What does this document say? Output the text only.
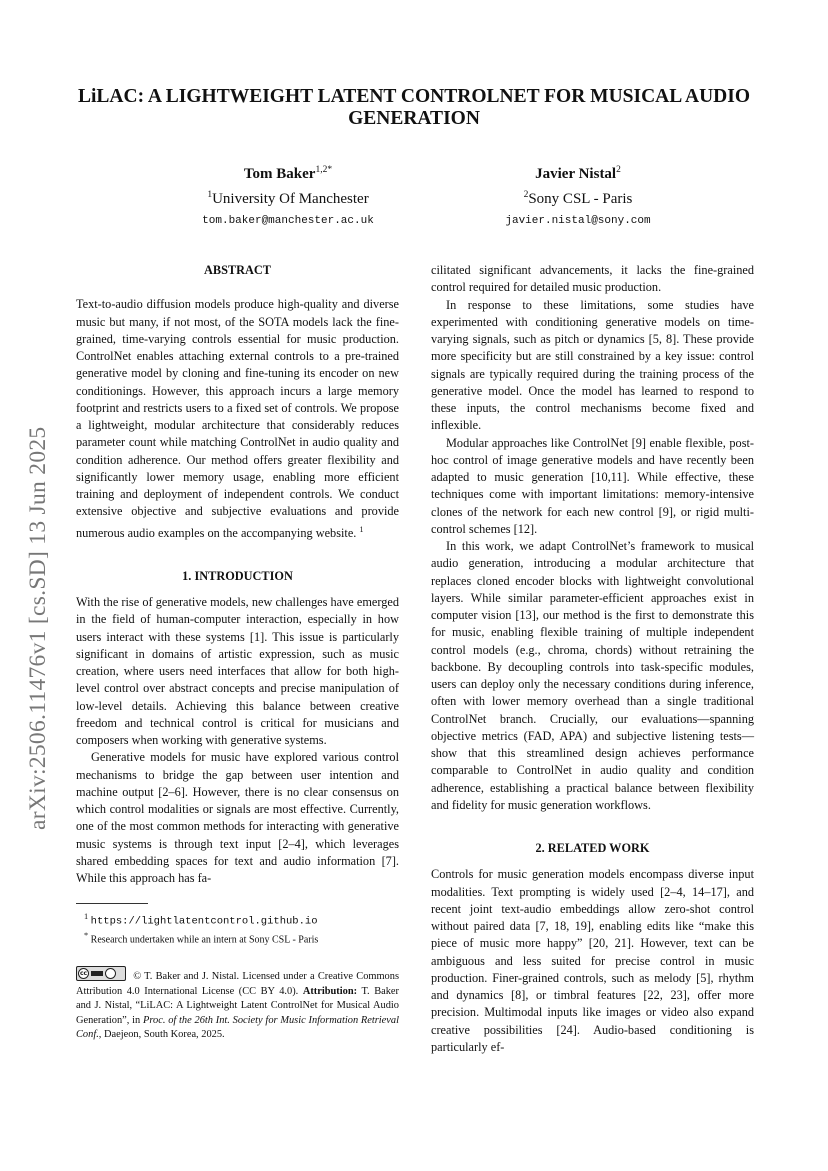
arXiv:2506.11476v1 [cs.SD] 13 Jun 2025
LiLAC: A LIGHTWEIGHT LATENT CONTROLNET FOR MUSICAL AUDIO GENERATION
Tom Baker$^{1,2*}$
$^1$University Of Manchester
tom.baker@manchester.ac.uk
Javier Nistal$^2$
$^2$Sony CSL - Paris
javier.nistal@sony.com
ABSTRACT

Text-to-audio diffusion models produce high-quality and diverse music but many, if not most, of the SOTA models lack the fine-grained, time-varying controls essential for music production. ControlNet enables attaching external controls to a pre-trained generative model by cloning and fine-tuning its encoder on new conditionings. However, this approach incurs a large memory footprint and restricts users to a fixed set of controls. We propose a lightweight, modular architecture that considerably reduces parameter count while matching ControlNet in audio quality and condition adherence. Our method offers greater flexibility and significantly lower memory usage, enabling more efficient training and deployment of independent controls. We conduct extensive objective and subjective evaluations and provide numerous audio examples on the accompanying website. $^1$

1. INTRODUCTION

With the rise of generative models, new challenges have emerged in the field of human-computer interaction, especially in how users interact with these systems [1]. This issue is particularly significant in domains of artistic expression, such as music creation, where users need interfaces that allow for both high-level control over abstract concepts and precise manipulation of low-level details. Achieving this balance between creative freedom and technical control is critical for musicians and composers when working with generative systems.

Generative models for music have explored various control mechanisms to bridge the gap between user intention and machine output [2–6]. However, there is no clear consensus on which control modalities or signals are most effective. Currently, one of the most common methods for interacting with generative music systems is through text input [2–4], which leverages shared embedding spaces for text and audio information [7]. While this approach has fa-

$^1$ https://lightlatentcontrol.github.io
* Research undertaken while an intern at Sony CSL - Paris
cc	© T. Baker and J. Nistal. Licensed under a Creative Commons Attribution 4.0 International License (CC BY 4.0). Attribution: T. Baker and J. Nistal, “LiLAC: A Lightweight Latent ControlNet for Musical Audio Generation”, in Proc. of the 26th Int. Society for Music Information Retrieval Conf., Daejeon, South Korea, 2025.

cilitated significant advancements, it lacks the fine-grained control required for detailed music production.

In response to these limitations, some studies have experimented with conditioning generative models on time-varying signals, such as pitch or dynamics [5, 8]. These provide more specificity but are still constrained by a key issue: control signals are typically required during the training process of the generative model. Once the model has learned to respond to these inputs, the control mechanisms become fixed and inflexible.

Modular approaches like ControlNet [9] enable flexible, post-hoc control of image generative models and have recently been adapted to music generation [10,11]. While effective, these techniques come with important limitations: memory-intensive clones of the network for each new control [9], or rigid multi-control schemes [12].

In this work, we adapt ControlNet’s framework to musical audio generation, introducing a modular architecture that replaces cloned encoder blocks with lightweight convolutional layers. While similar parameter-efficient approaches exist in computer vision [13], our method is the first to demonstrate this for music, enabling flexible training of multiple independent control models (e.g., chroma, chords) without retraining the backbone. By decoupling controls into task-specific modules, users can deploy only the necessary conditions during inference, often with lower memory overhead than a single traditional ControlNet branch. Crucially, our evaluations—spanning objective metrics (FAD, APA) and subjective listening tests—show that this streamlined design achieves performance comparable to ControlNet in audio quality and condition adherence, establishing a practical balance between flexibility and fidelity for music generation workflows.

2. RELATED WORK

Controls for music generation models encompass diverse input modalities. Text prompting is widely used [2–4, 14–17], and recent joint text-audio embeddings allow zero-shot control without paired data [7, 18, 19], enabling edits like “make this piece of music more happy” [20, 21]. However, text can be ambiguous and less suited for precise control in music production. Finer-grained controls, such as melody [5], rhythm and dynamics [8], or timbral features [22, 23], offer more precision. Multimodal inputs like images or video also expand creative possibilities [24]. Audio-based conditioning is particularly ef-
